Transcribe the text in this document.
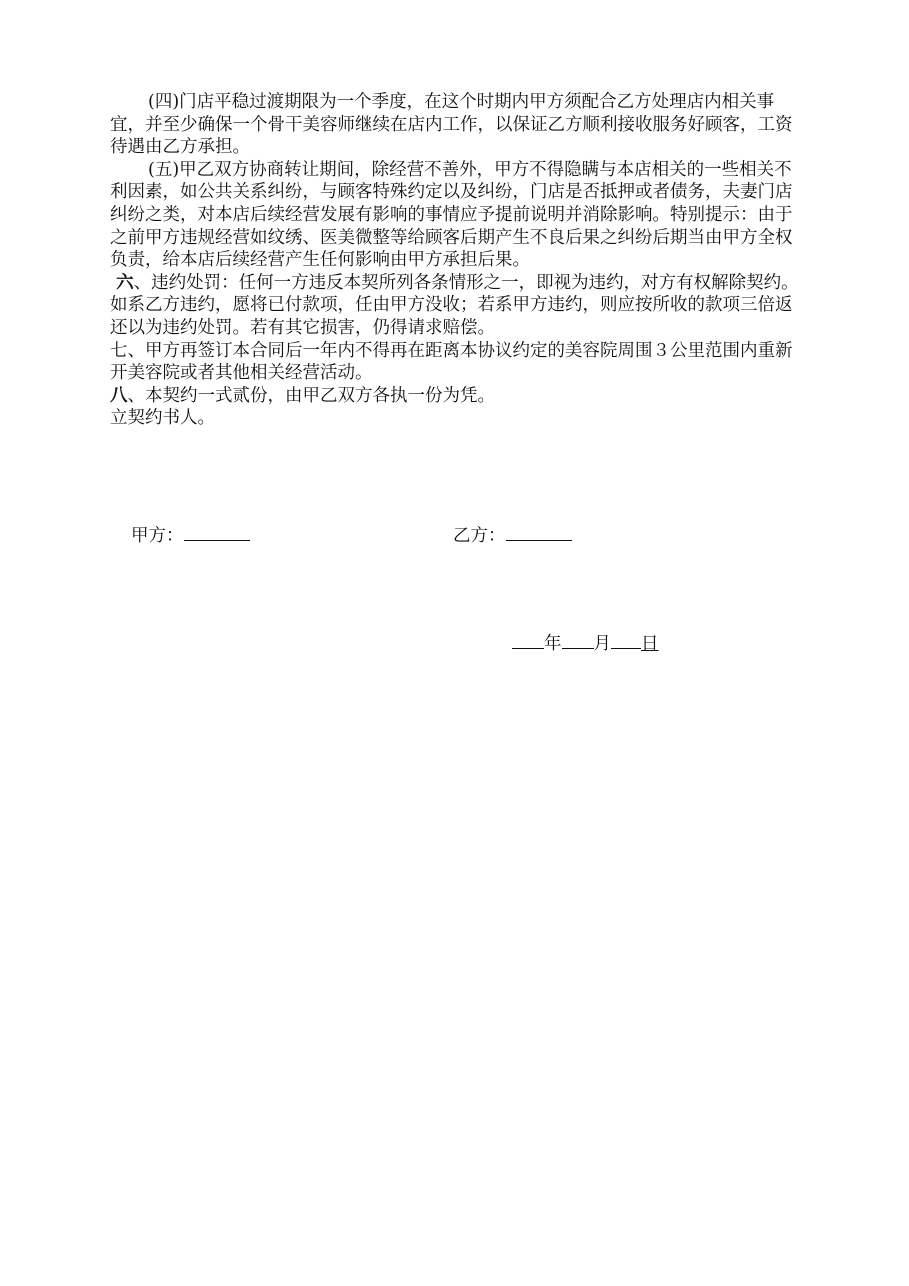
(四)门店平稳过渡期限为一个季度，在这个时期内甲方须配合乙方处理店内相关事宜，并至少确保一个骨干美容师继续在店内工作，以保证乙方顺利接收服务好顾客，工资待遇由乙方承担。

(五)甲乙双方协商转让期间，除经营不善外，甲方不得隐瞒与本店相关的一些相关不利因素，如公共关系纠纷，与顾客特殊约定以及纠纷，门店是否抵押或者债务，夫妻门店纠纷之类，对本店后续经营发展有影响的事情应予提前说明并消除影响。特别提示：由于之前甲方违规经营如纹绣、医美微整等给顾客后期产生不良后果之纠纷后期当由甲方全权负责，给本店后续经营产生任何影响由甲方承担后果。

六、违约处罚：任何一方违反本契所列各条情形之一，即视为违约，对方有权解除契约。如系乙方违约，愿将已付款项，任由甲方没收；若系甲方违约，则应按所收的款项三倍返还以为违约处罚。若有其它损害，仍得请求赔偿。

七、甲方再签订本合同后一年内不得再在距离本协议约定的美容院周围３公里范围内重新开美容院或者其他相关经营活动。

八、本契约一式贰份，由甲乙双方各执一份为凭。

立契约书人。

甲方：	乙方：
年 月 日
